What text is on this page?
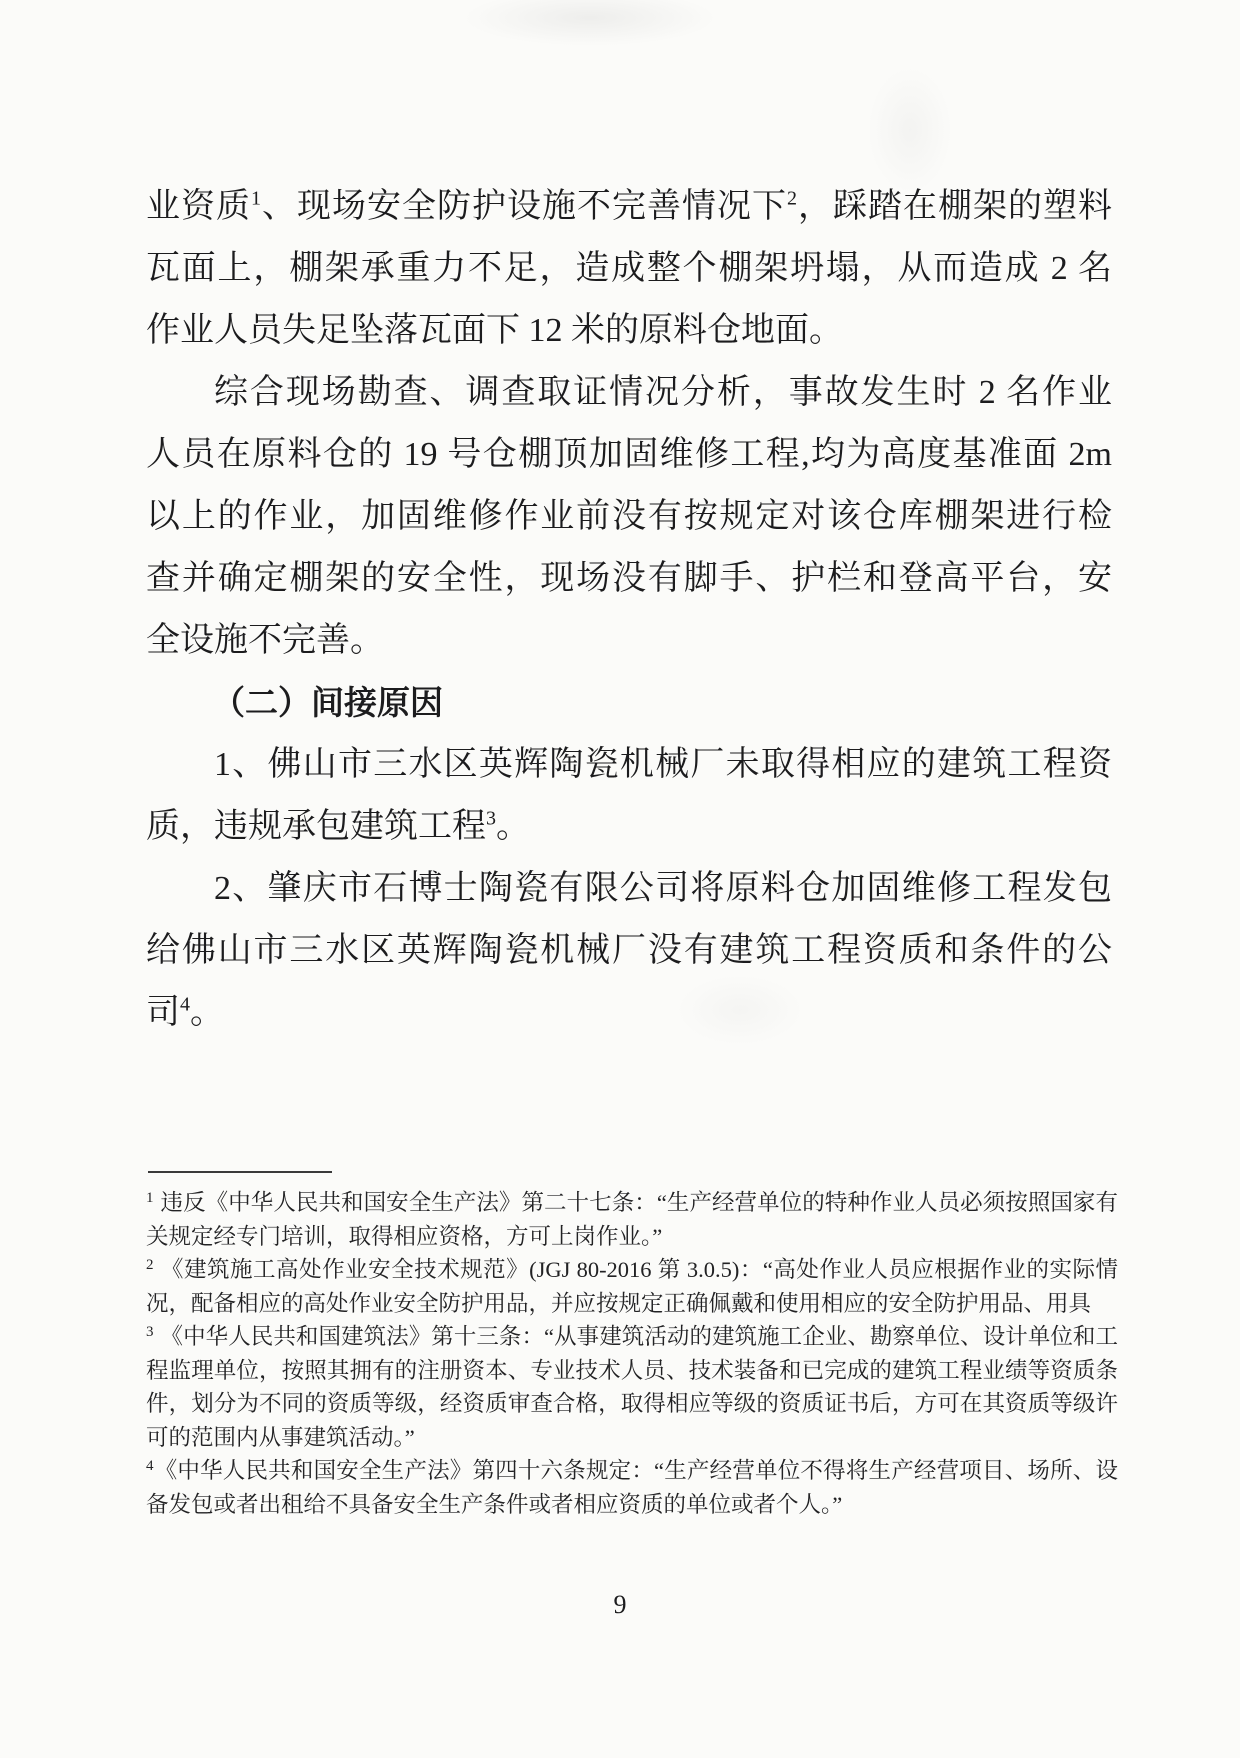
业资质$^1$、现场安全防护设施不完善情况下$^2$，踩踏在棚架的塑料

瓦面上，棚架承重力不足，造成整个棚架坍塌，从而造成 2 名

作业人员失足坠落瓦面下 12 米的原料仓地面。

综合现场勘查、调查取证情况分析，事故发生时 2 名作业

人员在原料仓的 19 号仓棚顶加固维修工程,均为高度基准面 2m

以上的作业，加固维修作业前没有按规定对该仓库棚架进行检

查并确定棚架的安全性，现场没有脚手、护栏和登高平台，安

全设施不完善。

（二）间接原因

1、佛山市三水区英辉陶瓷机械厂未取得相应的建筑工程资

质，违规承包建筑工程$^3$。

2、肇庆市石博士陶瓷有限公司将原料仓加固维修工程发包

给佛山市三水区英辉陶瓷机械厂没有建筑工程资质和条件的公

司$^4$。

$^1$ 违反《中华人民共和国安全生产法》第二十七条：“生产经营单位的特种作业人员必须按照国家有关规定经专门培训，取得相应资格，方可上岗作业。”

$^2$ 《建筑施工高处作业安全技术规范》(JGJ 80-2016 第 3.0.5)：“高处作业人员应根据作业的实际情况，配备相应的高处作业安全防护用品，并应按规定正确佩戴和使用相应的安全防护用品、用具

$^3$ 《中华人民共和国建筑法》第十三条：“从事建筑活动的建筑施工企业、勘察单位、设计单位和工程监理单位，按照其拥有的注册资本、专业技术人员、技术装备和已完成的建筑工程业绩等资质条件，划分为不同的资质等级，经资质审查合格，取得相应等级的资质证书后，方可在其资质等级许可的范围内从事建筑活动。”

$^4$《中华人民共和国安全生产法》第四十六条规定：“生产经营单位不得将生产经营项目、场所、设备发包或者出租给不具备安全生产条件或者相应资质的单位或者个人。”

9
